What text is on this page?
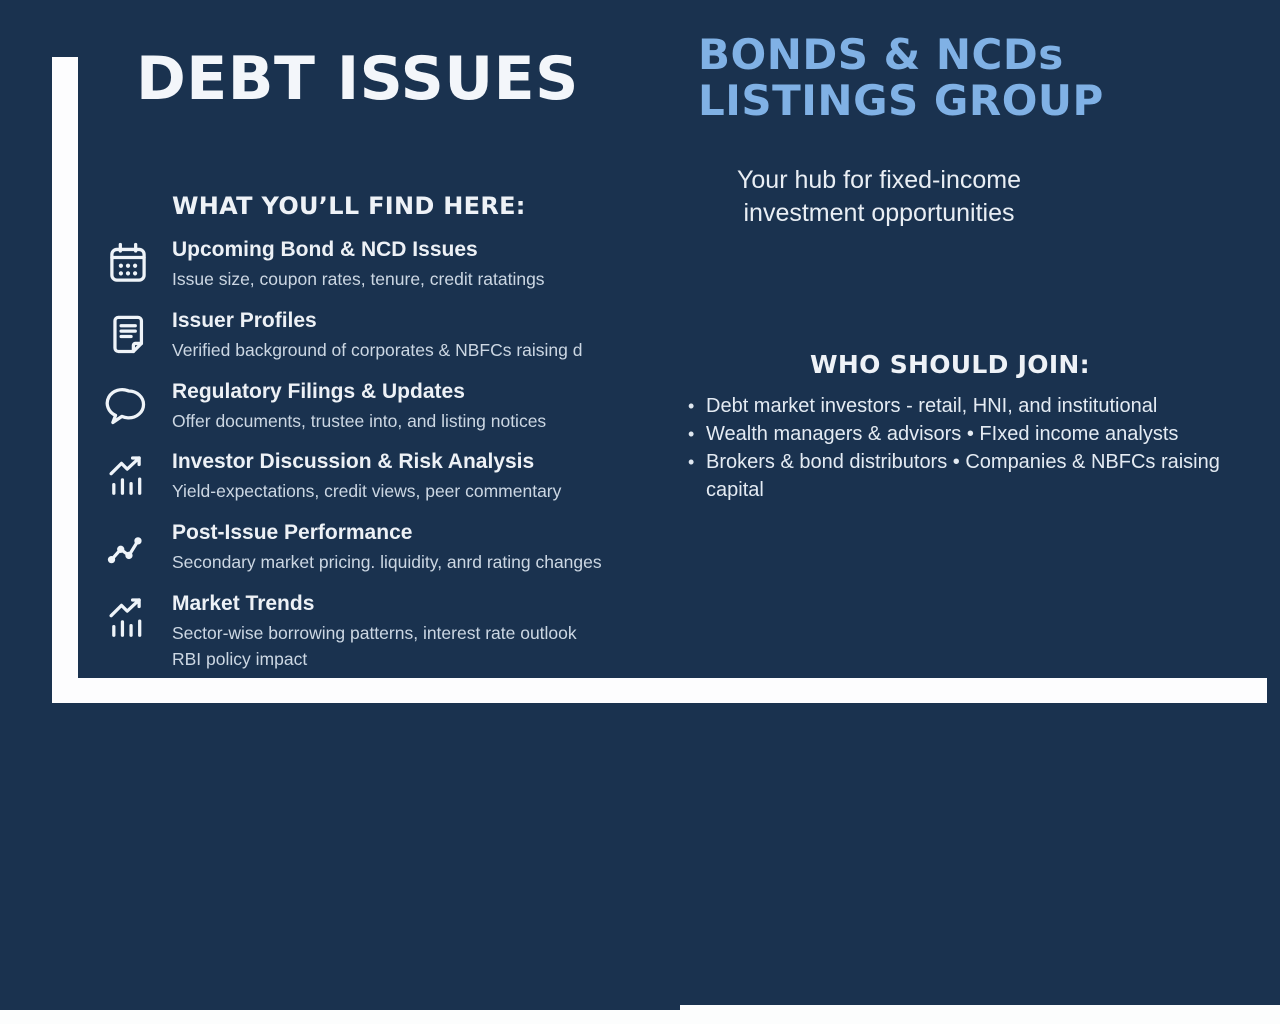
DEBT ISSUES	BONDS & NCDs
LISTINGS GROUP
Your hub for fixed-income
investment opportunities
WHAT YOU’LL FIND HERE:
Upcoming Bond & NCD Issues
Issue size, coupon rates, tenure, credit ratatings
Issuer Profiles
Verified background of corporates & NBFCs raising d
Regulatory Filings & Updates
Offer documents, trustee into, and listing notices
Investor Discussion & Risk Analysis
Yield-expectations, credit views, peer commentary
Post-Issue Performance
Secondary market pricing. liquidity, anrd rating changes
Market Trends
Sector-wise borrowing patterns, interest rate outlook
RBI policy impact
WHO SHOULD JOIN:
• Debt market investors - retail, HNI, and institutional
• Wealth managers & advisors • FIxed income analysts
• Brokers & bond distributors • Companies & NBFCs raising
capital
